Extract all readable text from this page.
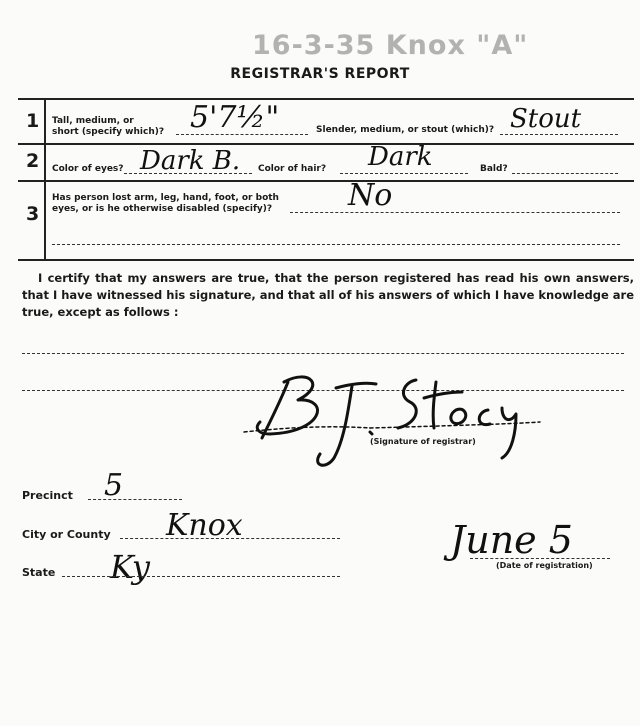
16-3-35 Knox "A"
REGISTRAR'S REPORT
1 Tall, medium, or
short (specify which)? 5'7½"	Slender, medium, or stout (which)? Stout
2 Color of eyes? Dark B. Color of hair? Dark	Bald?
3
Has person lost arm, leg, hand, foot, or both
eyes, or is he otherwise disabled (specify)?	No
I certify that my answers are true, that the person registered has read his own answers, that I have witnessed his signature, and that all of his answers of which I have knowledge are true, except as follows :
(Signature of registrar)
Precinct 5
City or County Knox
State Ky
June 5
(Date of registration)
